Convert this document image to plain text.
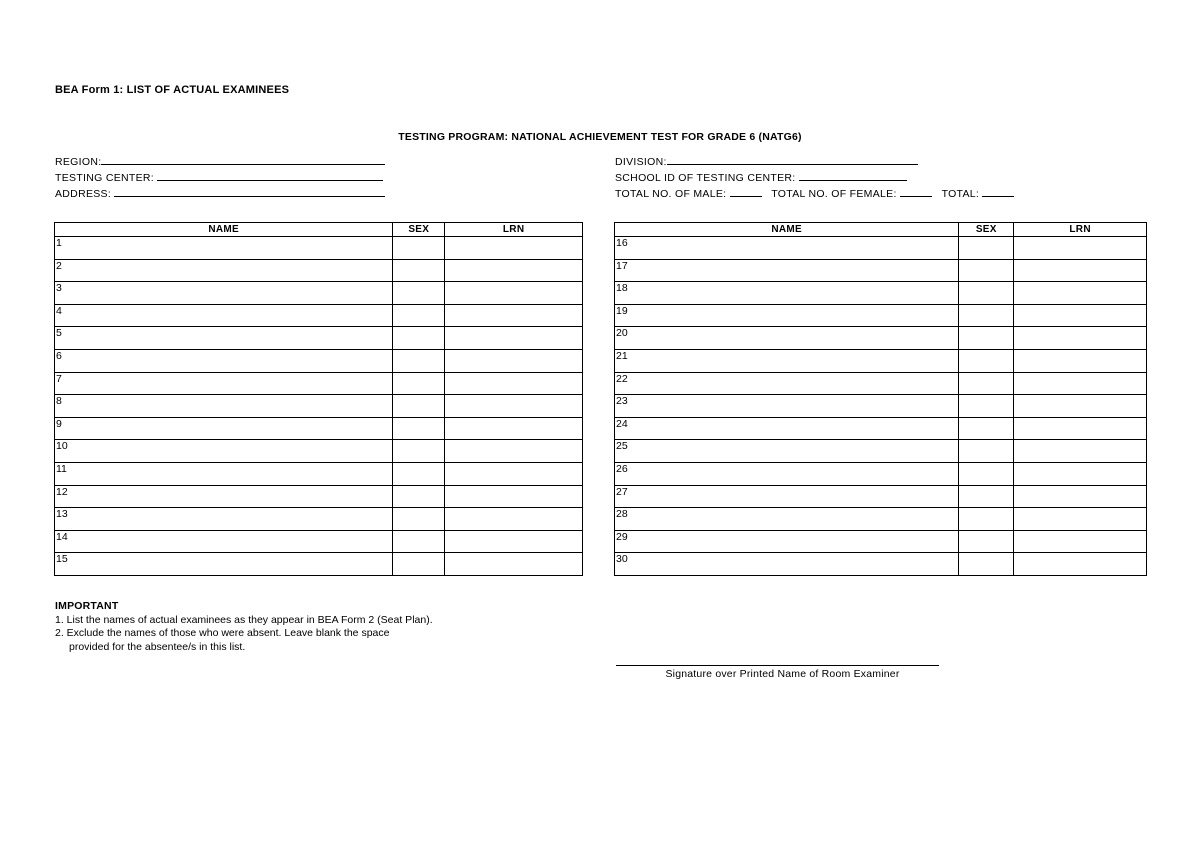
BEA Form 1: LIST OF ACTUAL EXAMINEES
TESTING PROGRAM: NATIONAL ACHIEVEMENT TEST FOR GRADE 6 (NATG6)
REGION:
TESTING CENTER:
ADDRESS:
DIVISION:
SCHOOL ID OF TESTING CENTER:
TOTAL NO. OF MALE:	TOTAL NO. OF FEMALE:	TOTAL:
NAME	SEX	LRN
1		
2		
3		
4		
5		
6		
7		
8		
9		
10		
11		
12		
13		
14		
15		
NAME	SEX	LRN
16		
17		
18		
19		
20		
21		
22		
23		
24		
25		
26		
27		
28		
29		
30		
IMPORTANT
1. List the names of actual examinees as they appear in BEA Form 2 (Seat Plan).
2. Exclude the names of those who were absent. Leave blank the space
provided for the absentee/s in this list.
Signature over Printed Name of Room Examiner
